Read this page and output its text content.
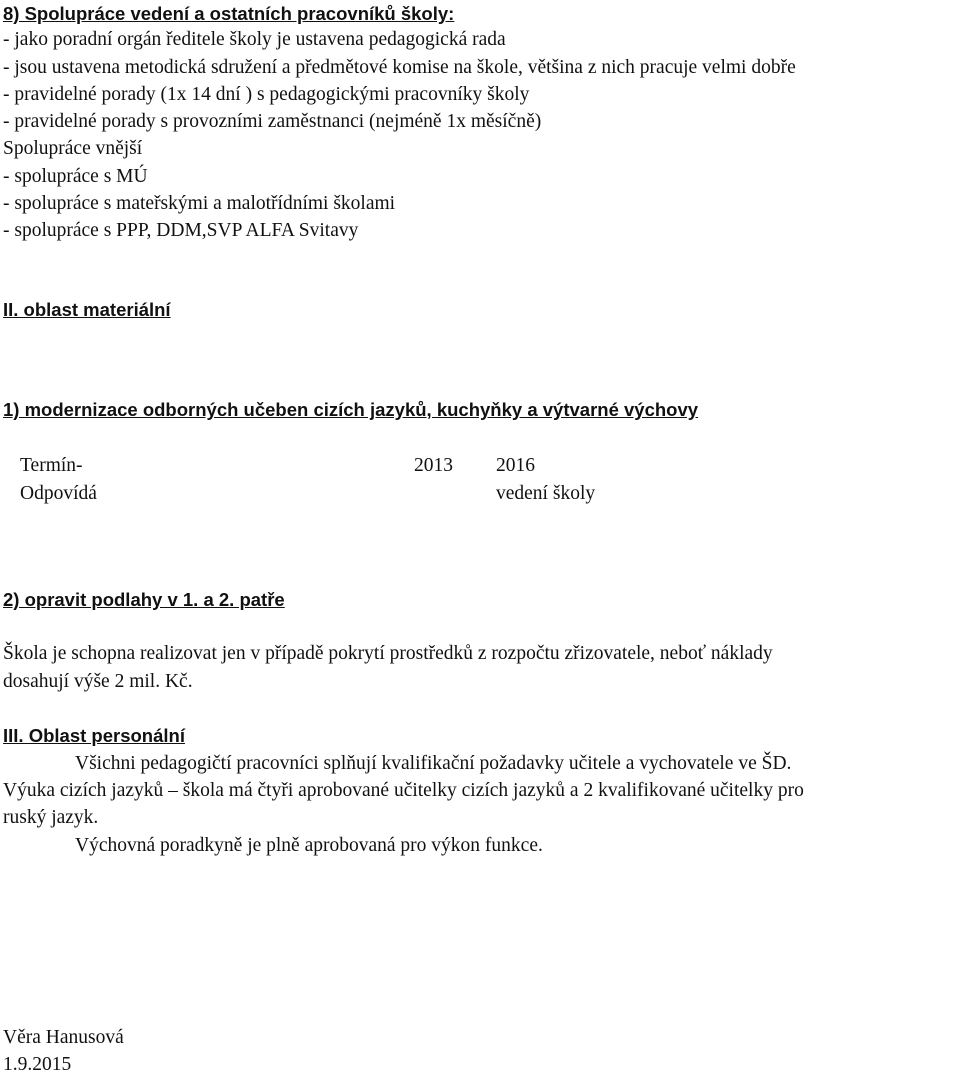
8) Spolupráce vedení a ostatních pracovníků školy:
- jako poradní orgán ředitele školy je ustavena pedagogická rada
- jsou ustavena metodická sdružení a předmětové komise na škole, většina z nich pracuje velmi dobře
- pravidelné porady (1x 14 dní ) s pedagogickými pracovníky školy
- pravidelné porady s provozními zaměstnanci (nejméně 1x měsíčně)
Spolupráce vnější
- spolupráce s MÚ
- spolupráce s mateřskými a malotřídními školami
- spolupráce s PPP, DDM,SVP ALFA Svitavy
II. oblast materiální
1) modernizace odborných učeben cizích jazyků, kuchyňky a výtvarné výchovy
Termín-	2013 2016
Odpovídá	vedení školy
2) opravit podlahy v 1. a 2. patře
Škola je schopna realizovat jen v případě pokrytí prostředků z rozpočtu zřizovatele, neboť náklady
dosahují výše 2 mil. Kč.
III. Oblast personální
Všichni pedagogičtí pracovníci splňují kvalifikační požadavky učitele a vychovatele ve ŠD.
Výuka cizích jazyků – škola má čtyři aprobované učitelky cizích jazyků a 2 kvalifikované učitelky pro
ruský jazyk.
Výchovná poradkyně je plně aprobovaná pro výkon funkce.
Věra Hanusová
1.9.2015
